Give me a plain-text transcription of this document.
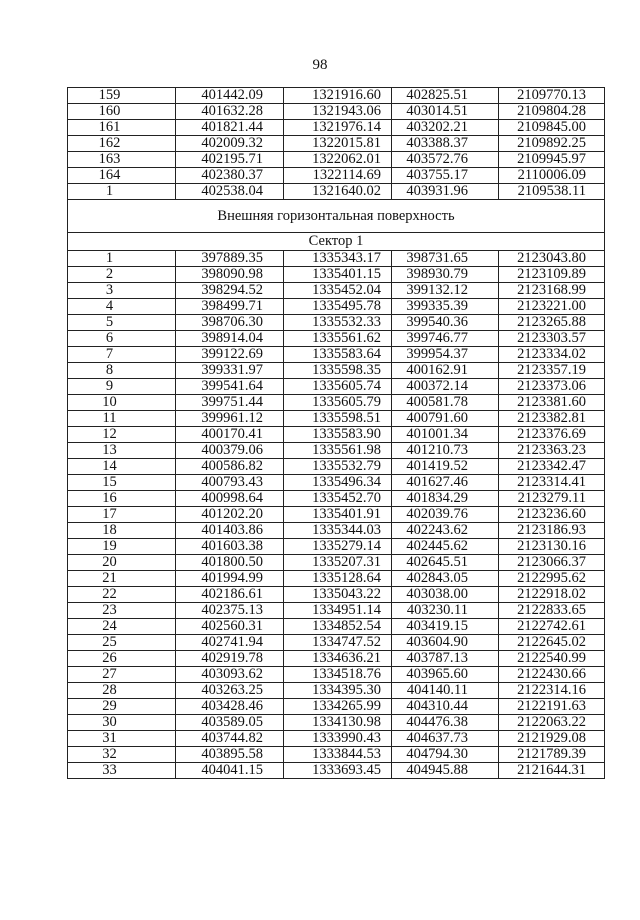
98
159	401442.09	1321916.60	402825.51	2109770.13
160	401632.28	1321943.06	403014.51	2109804.28
161	401821.44	1321976.14	403202.21	2109845.00
162	402009.32	1322015.81	403388.37	2109892.25
163	402195.71	1322062.01	403572.76	2109945.97
164	402380.37	1322114.69	403755.17	2110006.09
1	402538.04	1321640.02	403931.96	2109538.11
Внешняя горизонтальная поверхность				
Сектор 1				
1	397889.35	1335343.17	398731.65	2123043.80
2	398090.98	1335401.15	398930.79	2123109.89
3	398294.52	1335452.04	399132.12	2123168.99
4	398499.71	1335495.78	399335.39	2123221.00
5	398706.30	1335532.33	399540.36	2123265.88
6	398914.04	1335561.62	399746.77	2123303.57
7	399122.69	1335583.64	399954.37	2123334.02
8	399331.97	1335598.35	400162.91	2123357.19
9	399541.64	1335605.74	400372.14	2123373.06
10	399751.44	1335605.79	400581.78	2123381.60
11	399961.12	1335598.51	400791.60	2123382.81
12	400170.41	1335583.90	401001.34	2123376.69
13	400379.06	1335561.98	401210.73	2123363.23
14	400586.82	1335532.79	401419.52	2123342.47
15	400793.43	1335496.34	401627.46	2123314.41
16	400998.64	1335452.70	401834.29	2123279.11
17	401202.20	1335401.91	402039.76	2123236.60
18	401403.86	1335344.03	402243.62	2123186.93
19	401603.38	1335279.14	402445.62	2123130.16
20	401800.50	1335207.31	402645.51	2123066.37
21	401994.99	1335128.64	402843.05	2122995.62
22	402186.61	1335043.22	403038.00	2122918.02
23	402375.13	1334951.14	403230.11	2122833.65
24	402560.31	1334852.54	403419.15	2122742.61
25	402741.94	1334747.52	403604.90	2122645.02
26	402919.78	1334636.21	403787.13	2122540.99
27	403093.62	1334518.76	403965.60	2122430.66
28	403263.25	1334395.30	404140.11	2122314.16
29	403428.46	1334265.99	404310.44	2122191.63
30	403589.05	1334130.98	404476.38	2122063.22
31	403744.82	1333990.43	404637.73	2121929.08
32	403895.58	1333844.53	404794.30	2121789.39
33	404041.15	1333693.45	404945.88	2121644.31
